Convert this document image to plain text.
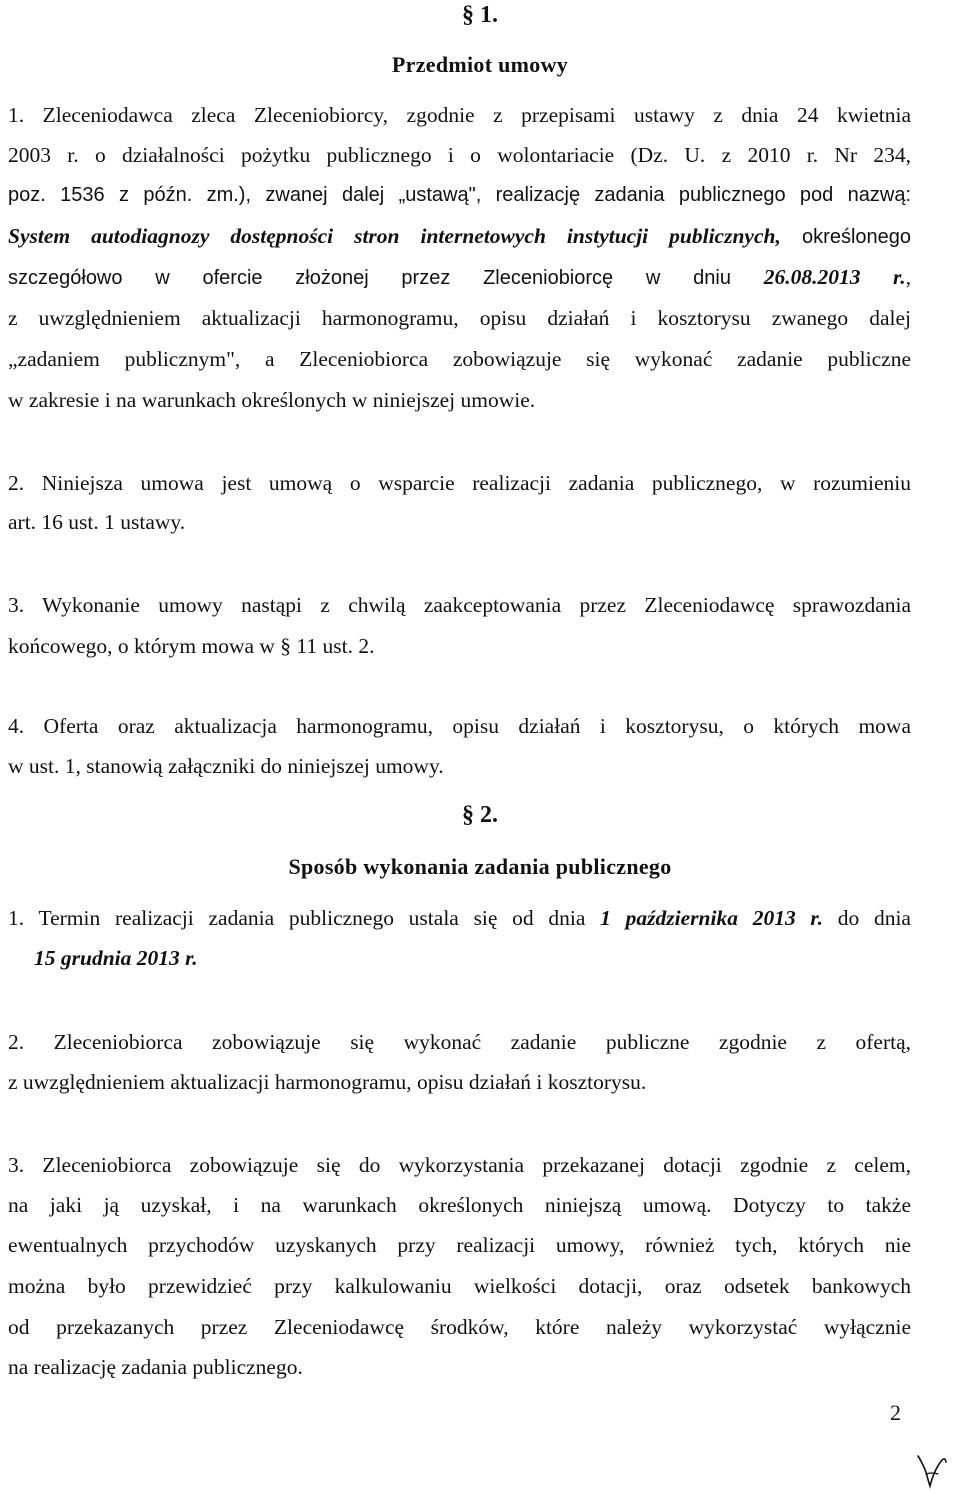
§ 1.
Przedmiot umowy
1. Zleceniodawca zleca Zleceniobiorcy, zgodnie z przepisami ustawy z dnia 24 kwietnia
2003 r. o działalności pożytku publicznego i o wolontariacie (Dz. U. z 2010 r. Nr 234,
poz. 1536 z późn. zm.), zwanej dalej „ustawą", realizację zadania publicznego pod nazwą:
System autodiagnozy dostępności stron internetowych instytucji publicznych, określonego
szczegółowo w ofercie złożonej przez Zleceniobiorcę w dniu 26.08.2013 r.,
z uwzględnieniem aktualizacji harmonogramu, opisu działań i kosztorysu zwanego dalej
„zadaniem publicznym", a Zleceniobiorca zobowiązuje się wykonać zadanie publiczne
w zakresie i na warunkach określonych w niniejszej umowie.
2. Niniejsza umowa jest umową o wsparcie realizacji zadania publicznego, w rozumieniu
art. 16 ust. 1 ustawy.
3. Wykonanie umowy nastąpi z chwilą zaakceptowania przez Zleceniodawcę sprawozdania
końcowego, o którym mowa w § 11 ust. 2.
4. Oferta oraz aktualizacja harmonogramu, opisu działań i kosztorysu, o których mowa
w ust. 1, stanowią załączniki do niniejszej umowy.
§ 2.
Sposób wykonania zadania publicznego
1. Termin realizacji zadania publicznego ustala się od dnia 1 października 2013 r. do dnia
15 grudnia 2013 r.
2. Zleceniobiorca zobowiązuje się wykonać zadanie publiczne zgodnie z ofertą,
z uwzględnieniem aktualizacji harmonogramu, opisu działań i kosztorysu.
3. Zleceniobiorca zobowiązuje się do wykorzystania przekazanej dotacji zgodnie z celem,
na jaki ją uzyskał, i na warunkach określonych niniejszą umową. Dotyczy to także
ewentualnych przychodów uzyskanych przy realizacji umowy, również tych, których nie
można było przewidzieć przy kalkulowaniu wielkości dotacji, oraz odsetek bankowych
od przekazanych przez Zleceniodawcę środków, które należy wykorzystać wyłącznie
na realizację zadania publicznego.
2
